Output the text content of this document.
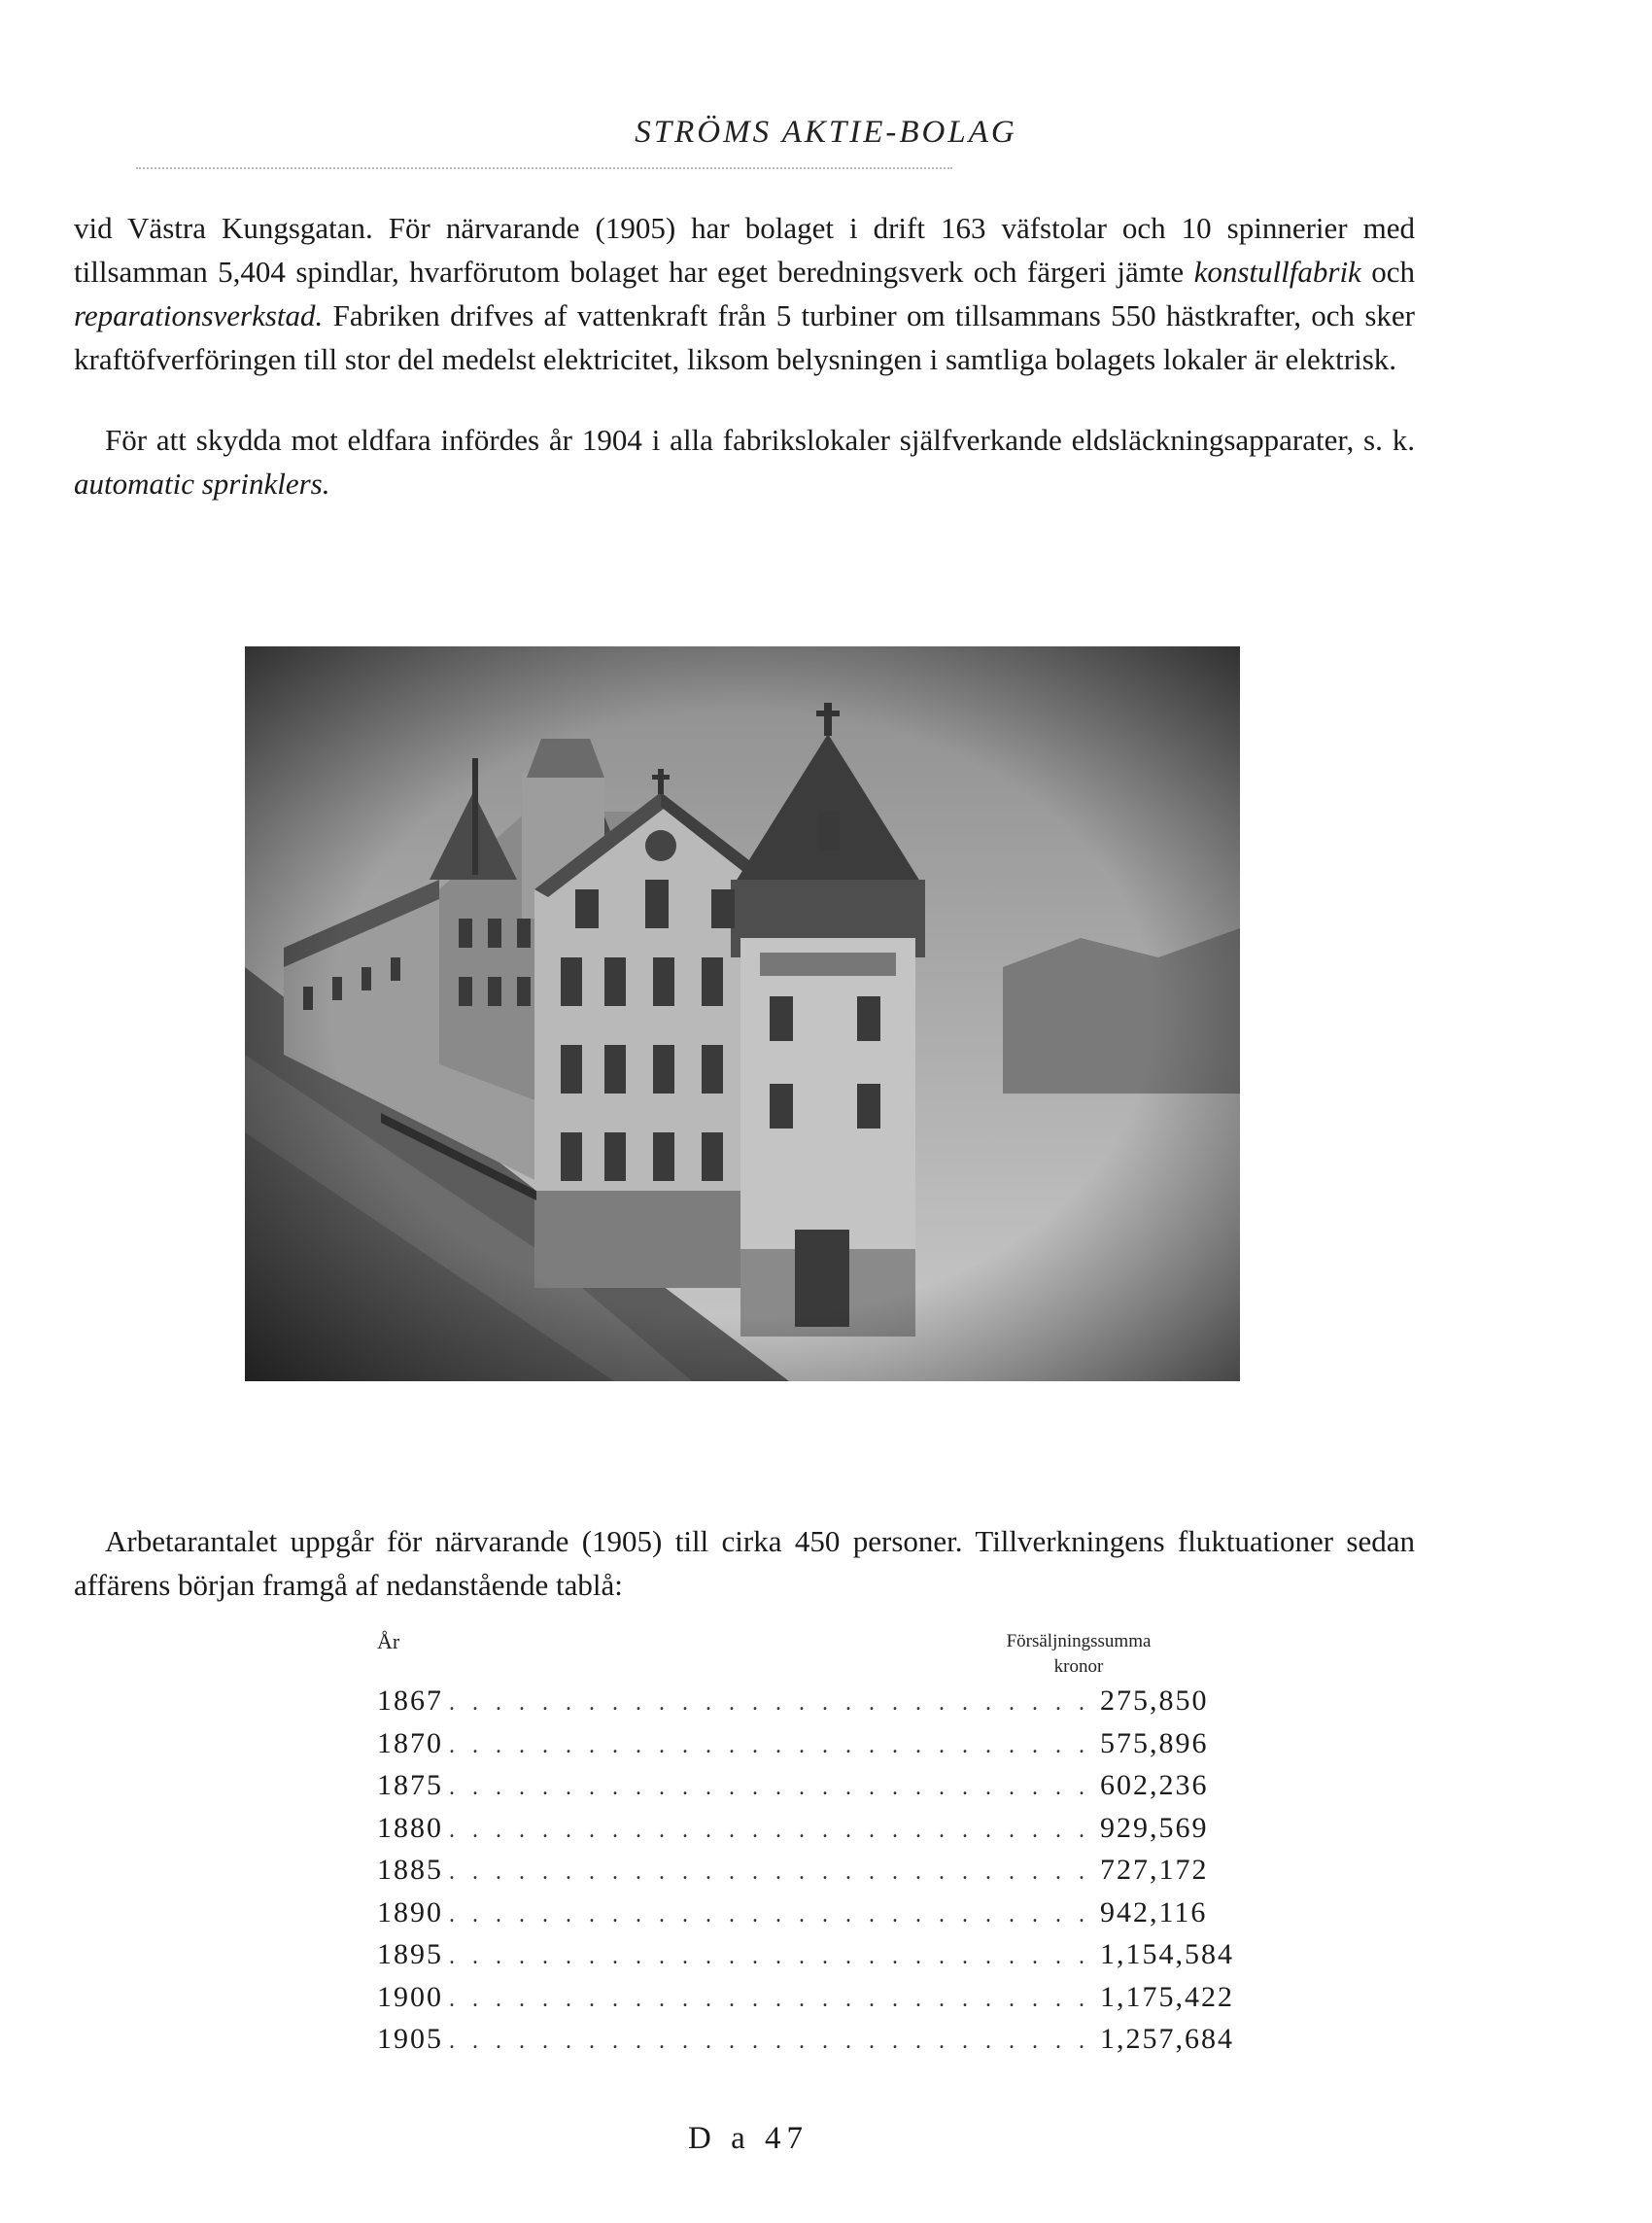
STRÖMS AKTIE-BOLAG

vid Västra Kungsgatan. För närvarande (1905) har bolaget i drift 163 väfstolar och 10 spinnerier med tillsamman 5,404 spindlar, hvarförutom bolaget har eget beredningsverk och färgeri jämte konstullfabrik och reparationsverkstad. Fabriken drifves af vattenkraft från 5 turbiner om tillsammans 550 hästkrafter, och sker kraftöfverföringen till stor del medelst elektricitet, liksom belysningen i samtliga bolagets lokaler är elektrisk.

För att skydda mot eldfara infördes år 1904 i alla fabrikslokaler själfverkande eldsläckningsapparater, s. k. automatic sprinklers.

Arbetarantalet uppgår för närvarande (1905) till cirka 450 personer. Tillverkningens fluktuationer sedan affärens början framgå af nedanstående tablå:

År	Försäljningssumma
kronor
1867 . . . . . . . . . . . . . . . . . . . . . . . . . . . . 275,850
1870 . . . . . . . . . . . . . . . . . . . . . . . . . . . . 575,896
1875 . . . . . . . . . . . . . . . . . . . . . . . . . . . . 602,236
1880 . . . . . . . . . . . . . . . . . . . . . . . . . . . . 929,569
1885 . . . . . . . . . . . . . . . . . . . . . . . . . . . . 727,172
1890 . . . . . . . . . . . . . . . . . . . . . . . . . . . . 942,116
1895 . . . . . . . . . . . . . . . . . . . . . . . . . . . . 1,154,584
1900 . . . . . . . . . . . . . . . . . . . . . . . . . . . . 1,175,422
1905 . . . . . . . . . . . . . . . . . . . . . . . . . . . . 1,257,684
D a 47
